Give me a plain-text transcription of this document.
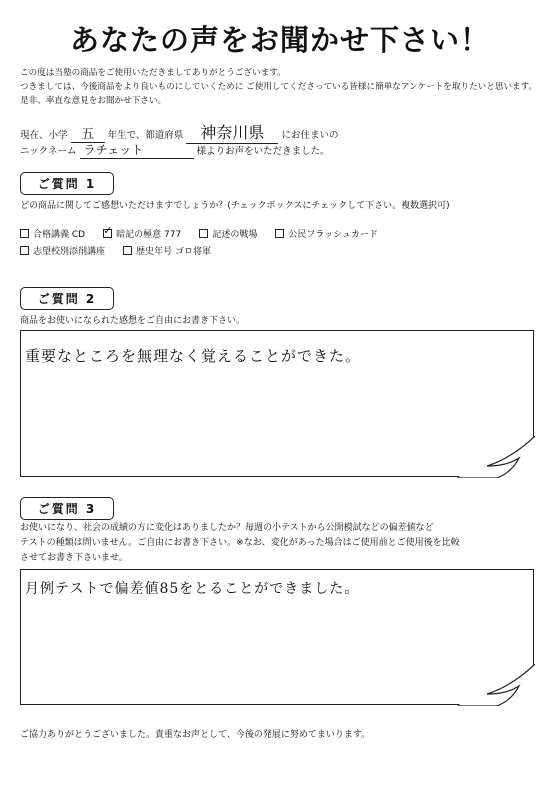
あなたの声をお聞かせ下さい！
この度は当塾の商品をご使用いただきましてありがとうございます。
つきましては、今後商品をより良いものにしていくために ご使用してくださっている皆様に簡単なアンケートを取りたいと思います。
是非、率直な意見をお聞かせ下さい。
現在、小学 五 年生で、都道府県 神奈川県 にお住まいの
ニックネーム ラチェット	様よりお声をいただきました。
ご質問 1
どの商品に関してご感想いただけますでしょうか？(チェックボックスにチェックして下さい。複数選択可)
合格講義 CD ✓ 暗記の極意 777	記述の戦場	公民フラッシュカード
志望校別添削講座	歴史年号 ゴロ将軍
ご質問 2
商品をお使いになられた感想をご自由にお書き下さい。
重要なところを無理なく覚えることができた。
ご質問 3
お使いになり、社会の成績の方に変化はありましたか？毎週の小テストから公開模試などの偏差値など
テストの種類は問いません。ご自由にお書き下さい。※なお、変化があった場合はご使用前とご使用後を比較
させてお書き下さいませ。
月例テストで偏差値85をとることができました。
ご協力ありがとうございました。貴重なお声として、今後の発展に努めてまいります。
